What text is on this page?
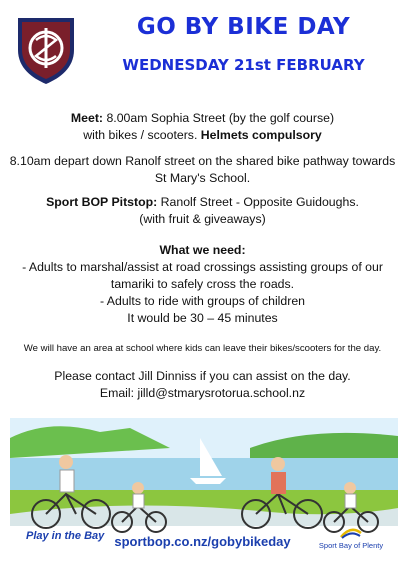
GO BY BIKE DAY
WEDNESDAY 21st FEBRUARY
Meet: 8.00am Sophia Street (by the golf course)
with bikes / scooters. Helmets compulsory
8.10am depart down Ranolf street on the shared bike pathway towards
St Mary's School.
Sport BOP Pitstop: Ranolf Street - Opposite Guidoughs.
(with fruit & giveaways)
What we need:
- Adults to marshal/assist at road crossings assisting groups of our
tamariki to safely cross the roads.
- Adults to ride with groups of children
It would be 30 – 45 minutes
We will have an area at school where kids can leave their bikes/scooters for the day.
Please contact Jill Dinniss if you can assist on the day.
Email: jilld@stmarysrotorua.school.nz
Play in the Bay sportbop.co.nz/gobybikeday	Sport Bay of Plenty
